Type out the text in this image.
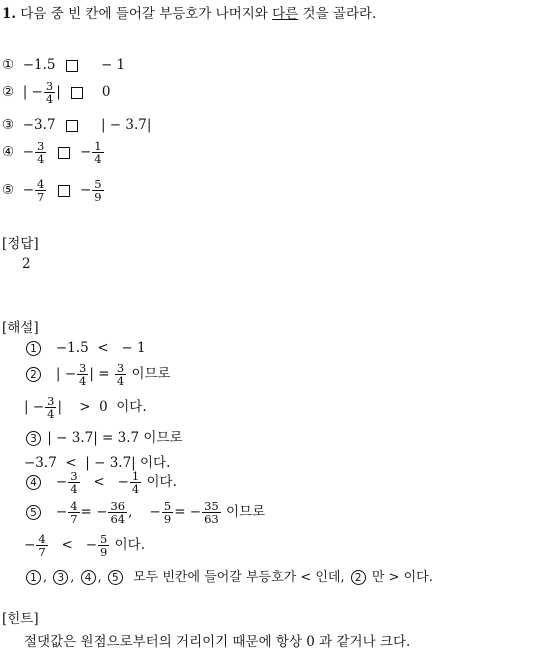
1. 다음 중 빈 칸에 들어갈 부등호가 나머지와 다른 것을 골라라.
① −1.5	− 1
② | − $\frac{3}{4}$ |	0
③ −3.7	| − 3.7|
④ − $\frac{3}{4} - \frac{1}{4}$
⑤ − $\frac{4}{7} - \frac{5}{9}$
[정답]
2
[해설]
1 −1.5  <   − 1
2 | − $\frac{3}{4}$ | = $\frac{3}{4}$ 이므로
| − $\frac{3}{4}$ |    >  0  이다.
3 | − 3.7| = 3.7 이므로
−3.7  <  | − 3.7| 이다.
$4 - \frac{3}{4}$ <   − $\frac{1}{4}$ 이다.
$5 - \frac{4}{7}$ = − $\frac{36}{64}$ , − $\frac{5}{9}$ = − $\frac{35}{63}$ 이므로
− $\frac{4}{7}$ <   − $\frac{5}{9}$ 이다.
1 , 3 , 4 , 5 모두 빈칸에 들어갈 부등호가 < 인데, 2 만 > 이다.
[힌트]
절댓값은 원점으로부터의 거리이기 때문에 항상 0 과 같거나 크다.
